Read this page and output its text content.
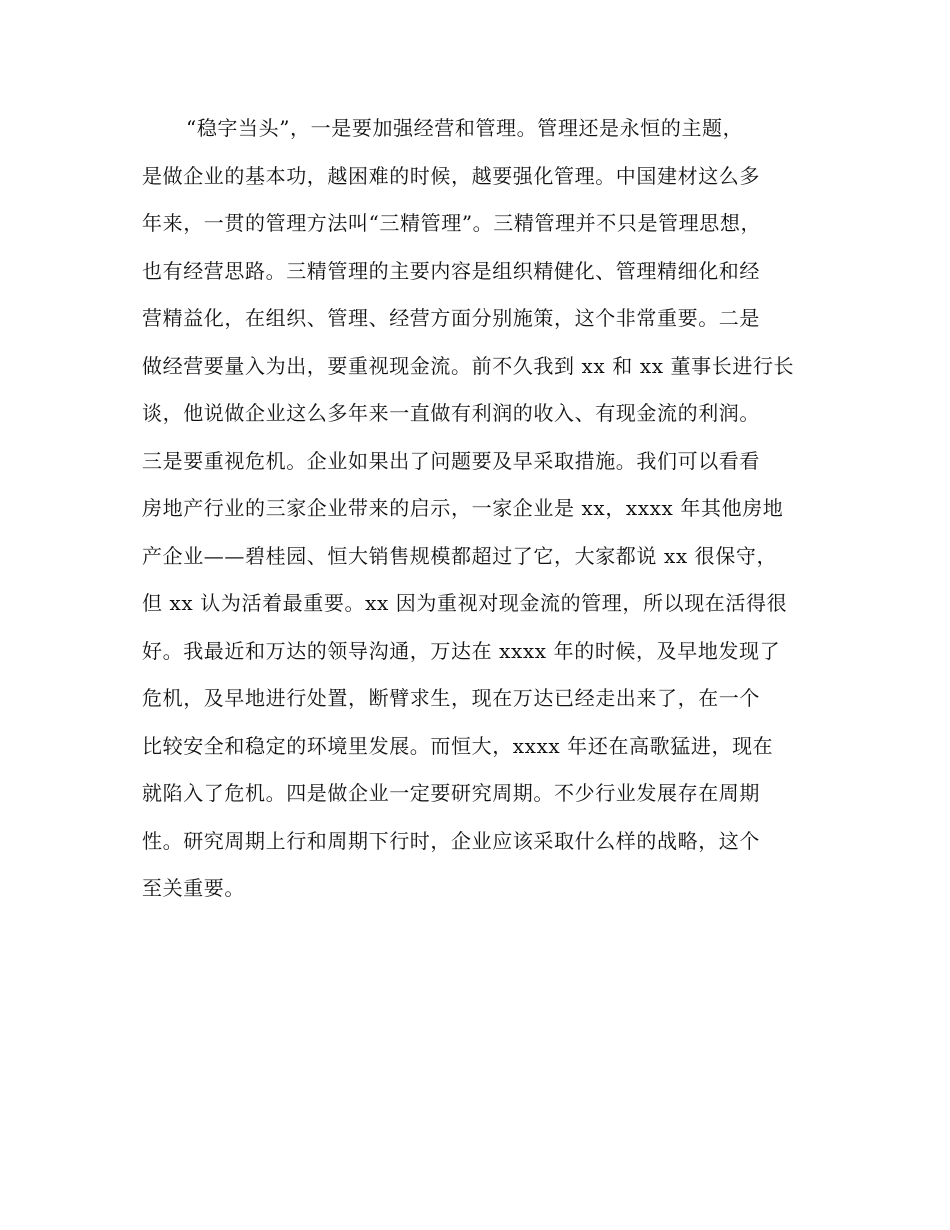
“稳字当头”，一是要加强经营和管理。管理还是永恒的主题，
是做企业的基本功，越困难的时候，越要强化管理。中国建材这么多
年来，一贯的管理方法叫“三精管理”。三精管理并不只是管理思想，
也有经营思路。三精管理的主要内容是组织精健化、管理精细化和经
营精益化，在组织、管理、经营方面分别施策，这个非常重要。二是
做经营要量入为出，要重视现金流。前不久我到 xx 和 xx 董事长进行长
谈，他说做企业这么多年来一直做有利润的收入、有现金流的利润。
三是要重视危机。企业如果出了问题要及早采取措施。我们可以看看
房地产行业的三家企业带来的启示，一家企业是 xx，xxxx 年其他房地
产企业——碧桂园、恒大销售规模都超过了它，大家都说 xx 很保守，
但 xx 认为活着最重要。xx 因为重视对现金流的管理，所以现在活得很
好。我最近和万达的领导沟通，万达在 xxxx 年的时候，及早地发现了
危机，及早地进行处置，断臂求生，现在万达已经走出来了，在一个
比较安全和稳定的环境里发展。而恒大，xxxx 年还在高歌猛进，现在
就陷入了危机。四是做企业一定要研究周期。不少行业发展存在周期
性。研究周期上行和周期下行时，企业应该采取什么样的战略，这个
至关重要。
